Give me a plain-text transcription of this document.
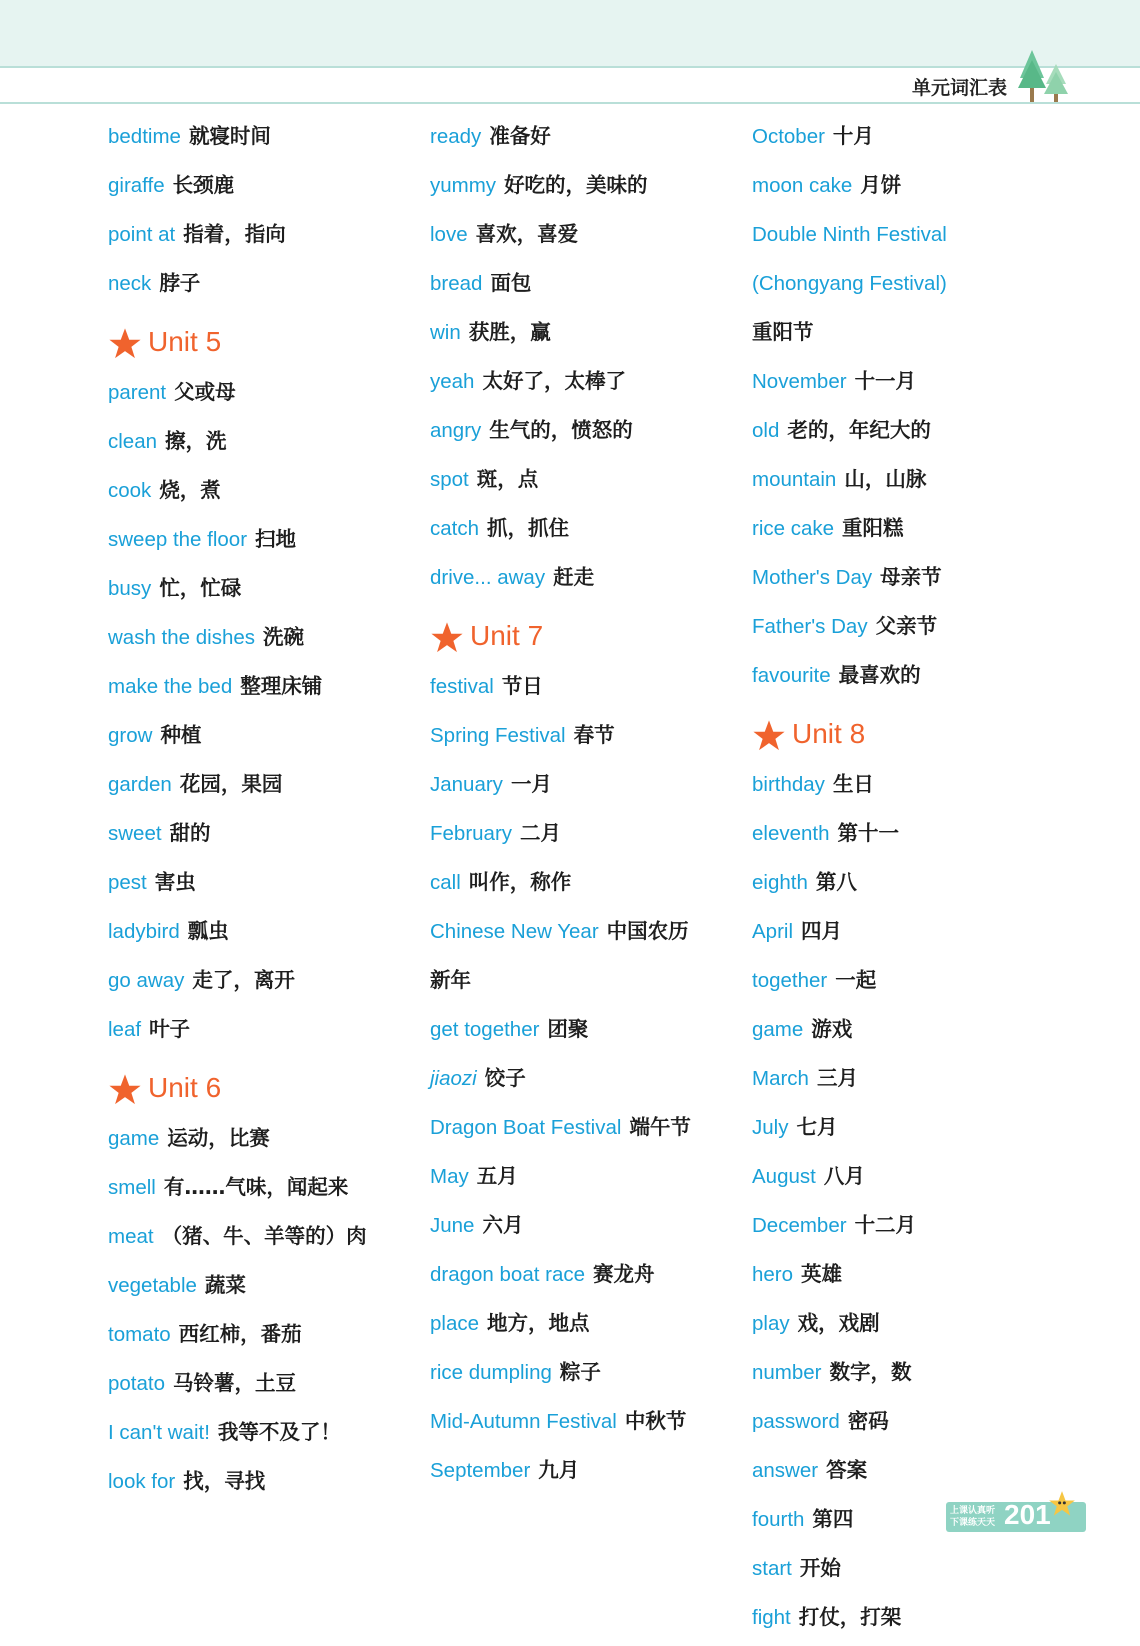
单元词汇表
bedtime 就寝时间
giraffe 长颈鹿
point at 指着，指向
neck 脖子
Unit 5
parent 父或母
clean 擦，洗
cook 烧，煮
sweep the floor 扫地
busy 忙，忙碌
wash the dishes 洗碗
make the bed 整理床铺
grow 种植
garden 花园，果园
sweet 甜的
pest 害虫
ladybird 瓢虫
go away 走了，离开
leaf 叶子
Unit 6
game 运动，比赛
smell 有……气味，闻起来
meat （猪、牛、羊等的）肉
vegetable 蔬菜
tomato 西红柿，番茄
potato 马铃薯，土豆
I can't wait! 我等不及了！
look for 找，寻找
ready 准备好
yummy 好吃的，美味的
love 喜欢，喜爱
bread 面包
win 获胜，赢
yeah 太好了，太棒了
angry 生气的，愤怒的
spot 斑，点
catch 抓，抓住
drive... away 赶走
Unit 7
festival 节日
Spring Festival 春节
January 一月
February 二月
call 叫作，称作
Chinese New Year 中国农历
新年
get together 团聚
jiaozi 饺子
Dragon Boat Festival 端午节
May 五月
June 六月
dragon boat race 赛龙舟
place 地方，地点
rice dumpling 粽子
Mid-Autumn Festival 中秋节
September 九月
October 十月
moon cake 月饼
Double Ninth Festival
(Chongyang Festival)
重阳节
November 十一月
old 老的，年纪大的
mountain 山，山脉
rice cake 重阳糕
Mother's Day 母亲节
Father's Day 父亲节
favourite 最喜欢的
Unit 8
birthday 生日
eleventh 第十一
eighth 第八
April 四月
together 一起
game 游戏
March 三月
July 七月
August 八月
December 十二月
hero 英雄
play 戏，戏剧
number 数字，数
password 密码
answer 答案
fourth 第四
start 开始
fight 打仗，打架
上课认真听
下课练天天 201
